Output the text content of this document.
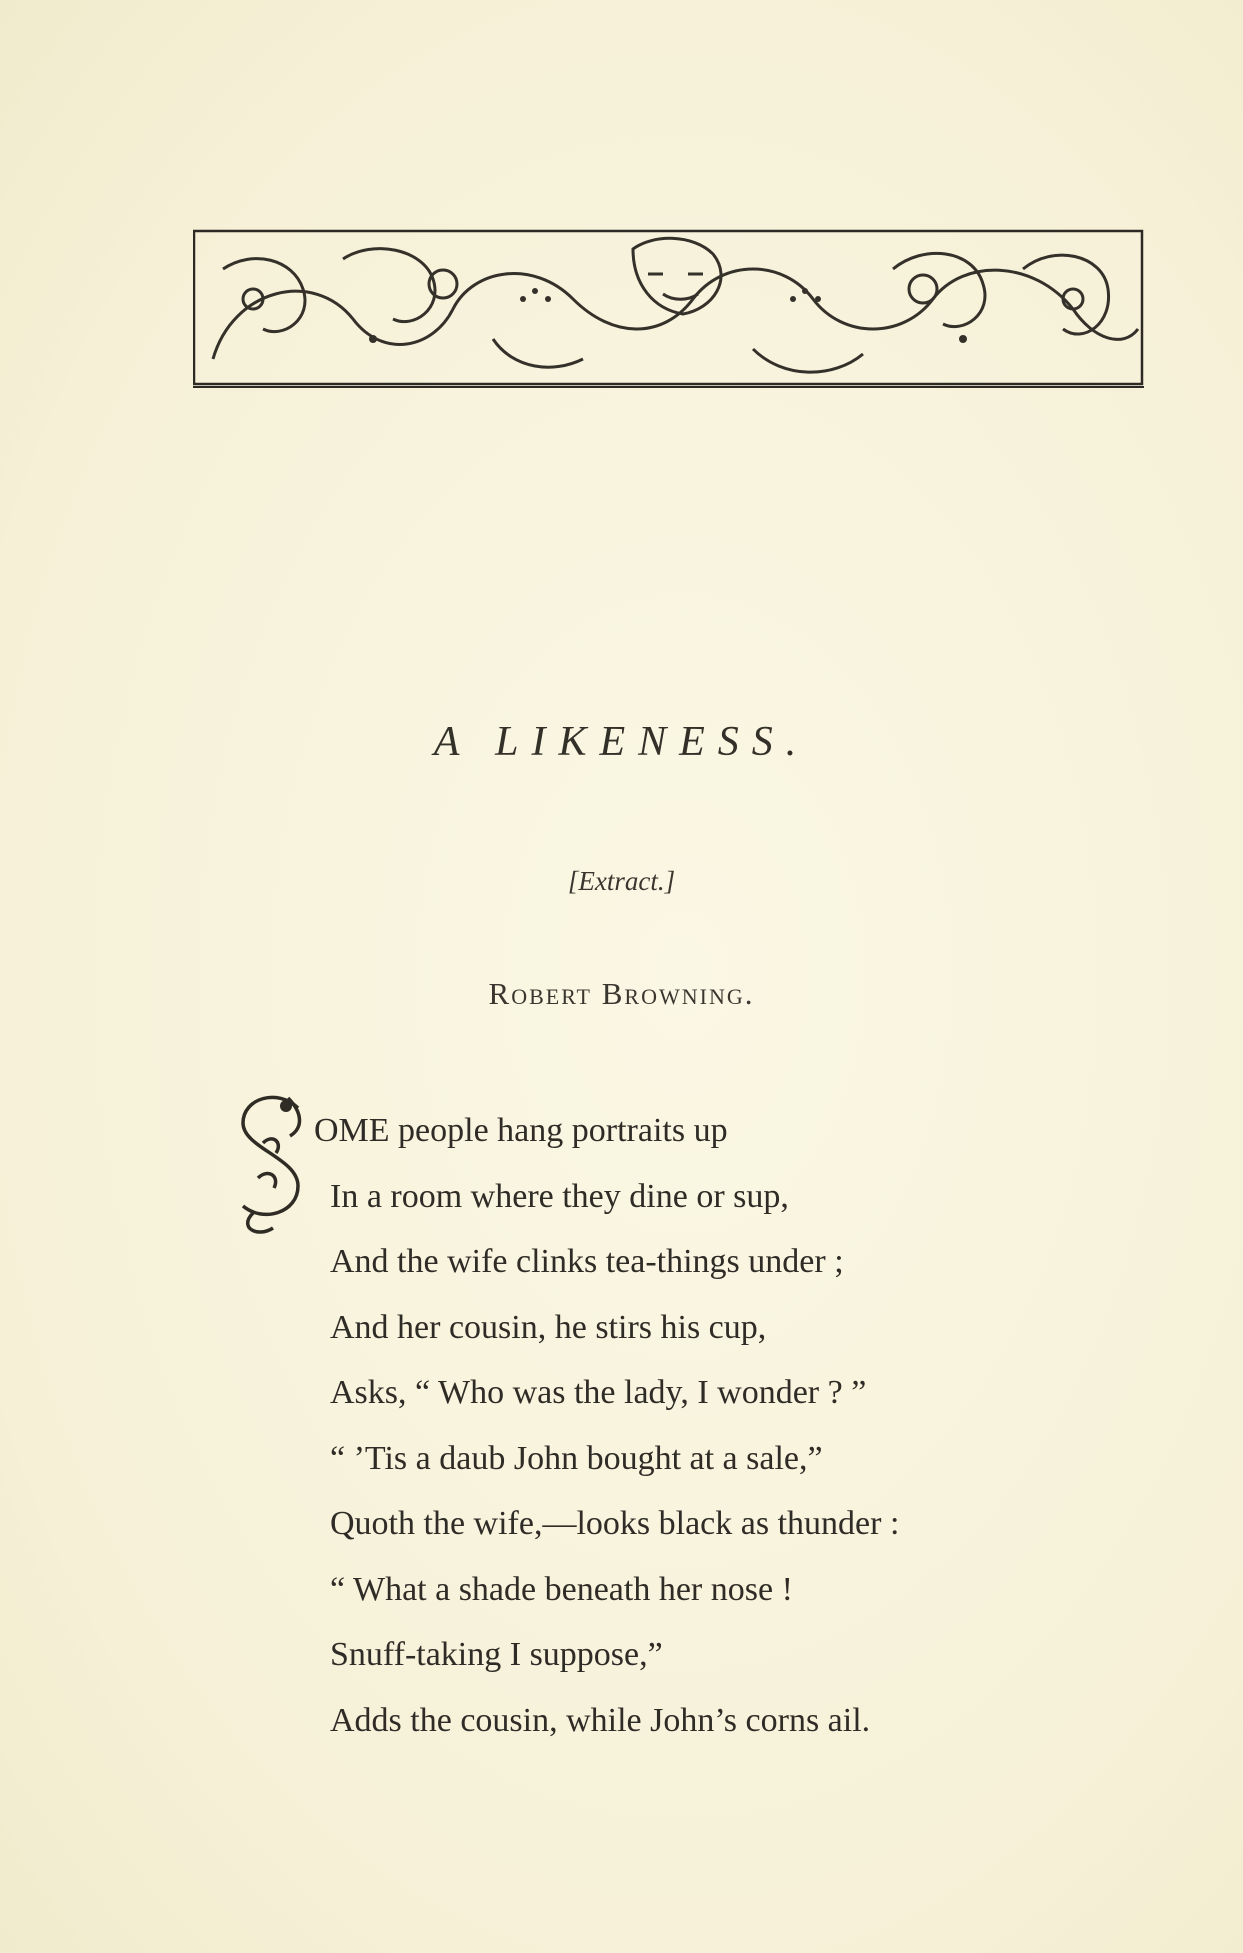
A LIKENESS.
[Extract.]
Robert Browning.
OME people hang portraits up
In a room where they dine or sup,
And the wife clinks tea-things under ;
And her cousin, he stirs his cup,
Asks, “ Who was the lady, I wonder ? ”
“ ’Tis a daub John bought at a sale,”
Quoth the wife,—looks black as thunder :
“ What a shade beneath her nose !
Snuff-taking I suppose,”
Adds the cousin, while John’s corns ail.
